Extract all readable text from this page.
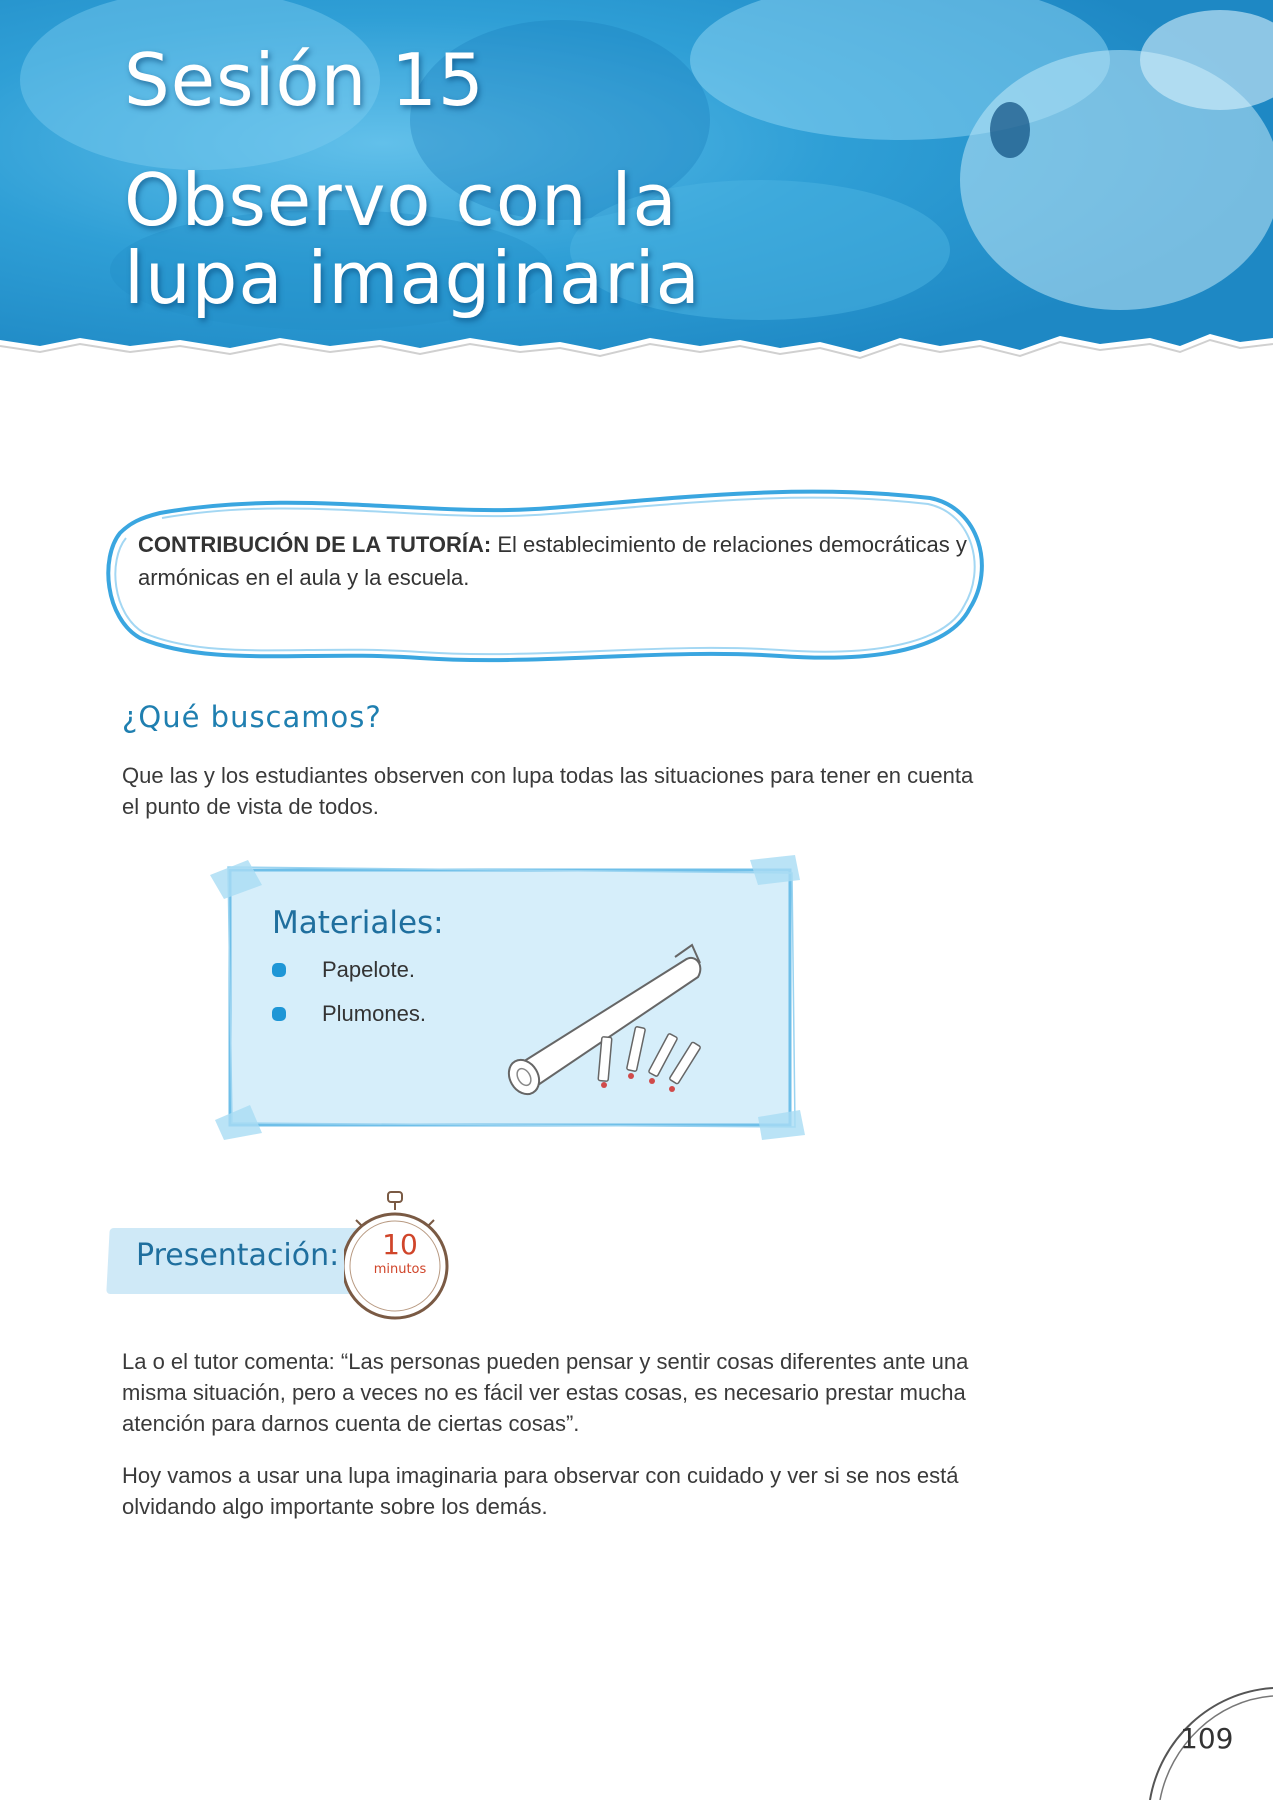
Sesión 15
Observo con la
lupa imaginaria
CONTRIBUCIÓN DE LA TUTORÍA: El establecimiento de relaciones democráticas y armónicas en el aula y la escuela.
¿Qué buscamos?

Que las y los estudiantes observen con lupa todas las situaciones para tener en cuenta el punto de vista de todos.

Materiales:
Papelote.
Plumones.
Presentación:	10
minutos

La o el tutor comenta: “Las personas pueden pensar y sentir cosas diferentes ante una misma situación, pero a veces no es fácil ver estas cosas, es necesario prestar mucha atención para darnos cuenta de ciertas cosas”.

Hoy vamos a usar una lupa imaginaria para observar con cuidado y ver si se nos está olvidando algo importante sobre los demás.

109
